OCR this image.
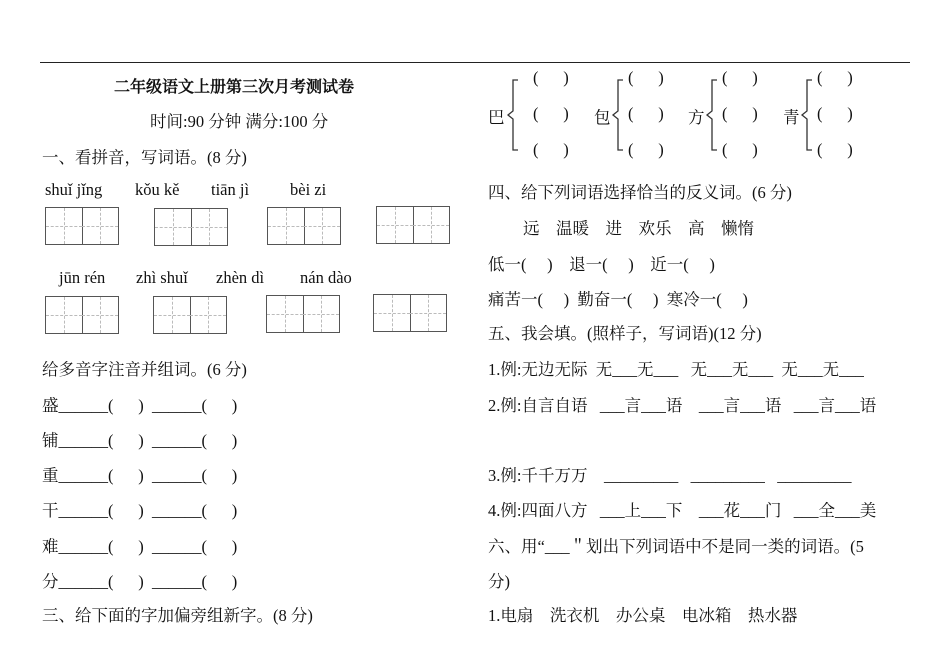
二年级语文上册第三次月考测试卷
时间:90 分钟 满分:100 分
一、看拼音，写词语。(8 分)
shuǐ jǐng kǒu kě tiān jì bèi zi
jūn rén zhì shuǐ zhèn dì nán dào
给多音字注音并组词。(6 分)
盛______(      )  ______(      )
铺______(      )  ______(      )
重______(      )  ______(      )
干______(      )  ______(      )
难______(      )  ______(      )
分______(      )  ______(      )
三、给下面的字加偏旁组新字。(8 分)
巴
(      )
(      )
(      )
包
(      )
(      )
(      )
方
(      )
(      )
(      )
青
(      )
(      )
(      )
四、给下列词语选择恰当的反义词。(6 分)
远    温暖    进    欢乐    高    懒惰
低一(     )    退一(     )    近一(     )
痛苦一(     )  勤奋一(     )  寒冷一(     )
五、我会填。(照样子，写词语)(12 分)
1.例:无边无际  无___无___   无___无___  无___无___
2.例:自言自语   ___言___语    ___言___语   ___言___语
3.例:千千万万    _________   _________   _________
4.例:四面八方   ___上___下    ___花___门   ___全___美
六、用“___＂划出下列词语中不是同一类的词语。(5
分)
1.电扇    洗衣机    办公桌    电冰箱    热水器
